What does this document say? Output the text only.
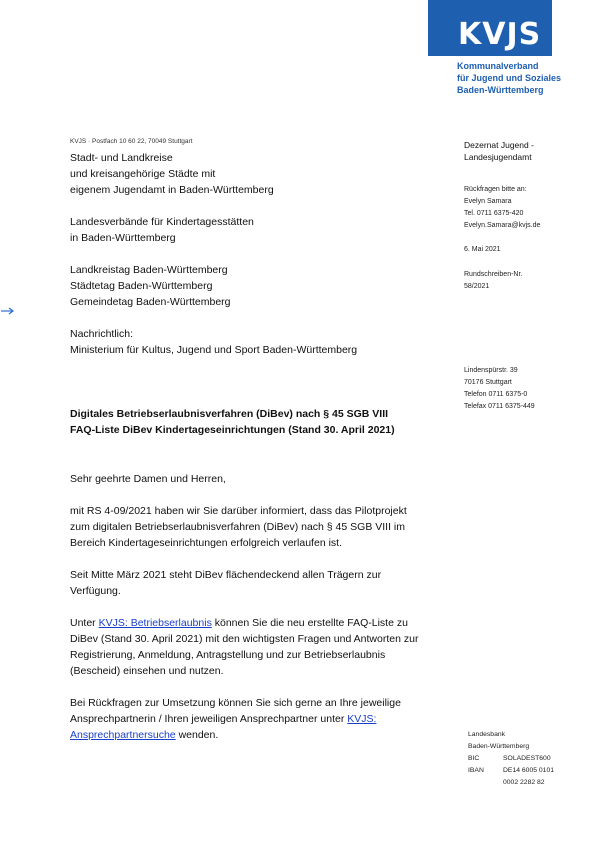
KVJS
Kommunalverband
für Jugend und Soziales
Baden-Württemberg
KVJS · Postfach 10 60 22, 70049 Stuttgart
Stadt- und Landkreise
und kreisangehörige Städte mit
eigenem Jugendamt in Baden-Württemberg
Landesverbände für Kindertagesstätten
in Baden-Württemberg
Landkreistag Baden-Württemberg
Städtetag Baden-Württemberg
Gemeindetag Baden-Württemberg
Nachrichtlich:
Ministerium für Kultus, Jugend und Sport Baden-Württemberg
Dezernat Jugend -
Landesjugendamt
Rückfragen bitte an:
Evelyn Samara
Tel. 0711 6375-420
Evelyn.Samara@kvjs.de
6. Mai 2021
Rundschreiben-Nr.
58/2021
Lindenspürstr. 39
70176 Stuttgart
Telefon 0711 6375-0
Telefax 0711 6375-449
Digitales Betriebserlaubnisverfahren (DiBev) nach § 45 SGB VIII
FAQ-Liste DiBev Kindertageseinrichtungen (Stand 30. April 2021)
Sehr geehrte Damen und Herren,
mit RS 4-09/2021 haben wir Sie darüber informiert, dass das Pilotprojekt
zum digitalen Betriebserlaubnisverfahren (DiBev) nach § 45 SGB VIII im
Bereich Kindertageseinrichtungen erfolgreich verlaufen ist.
Seit Mitte März 2021 steht DiBev flächendeckend allen Trägern zur
Verfügung.
Unter KVJS: Betriebserlaubnis können Sie die neu erstellte FAQ-Liste zu
DiBev (Stand 30. April 2021) mit den wichtigsten Fragen und Antworten zur
Registrierung, Anmeldung, Antragstellung und zur Betriebserlaubnis
(Bescheid) einsehen und nutzen.
Bei Rückfragen zur Umsetzung können Sie sich gerne an Ihre jeweilige
Ansprechpartnerin / Ihren jeweiligen Ansprechpartner unter KVJS:
Ansprechpartnersuche wenden.	Landesbank
Baden-Württemberg
BIC	SOLADEST600
IBAN	DE14 6005 0101
0002 2282 82
